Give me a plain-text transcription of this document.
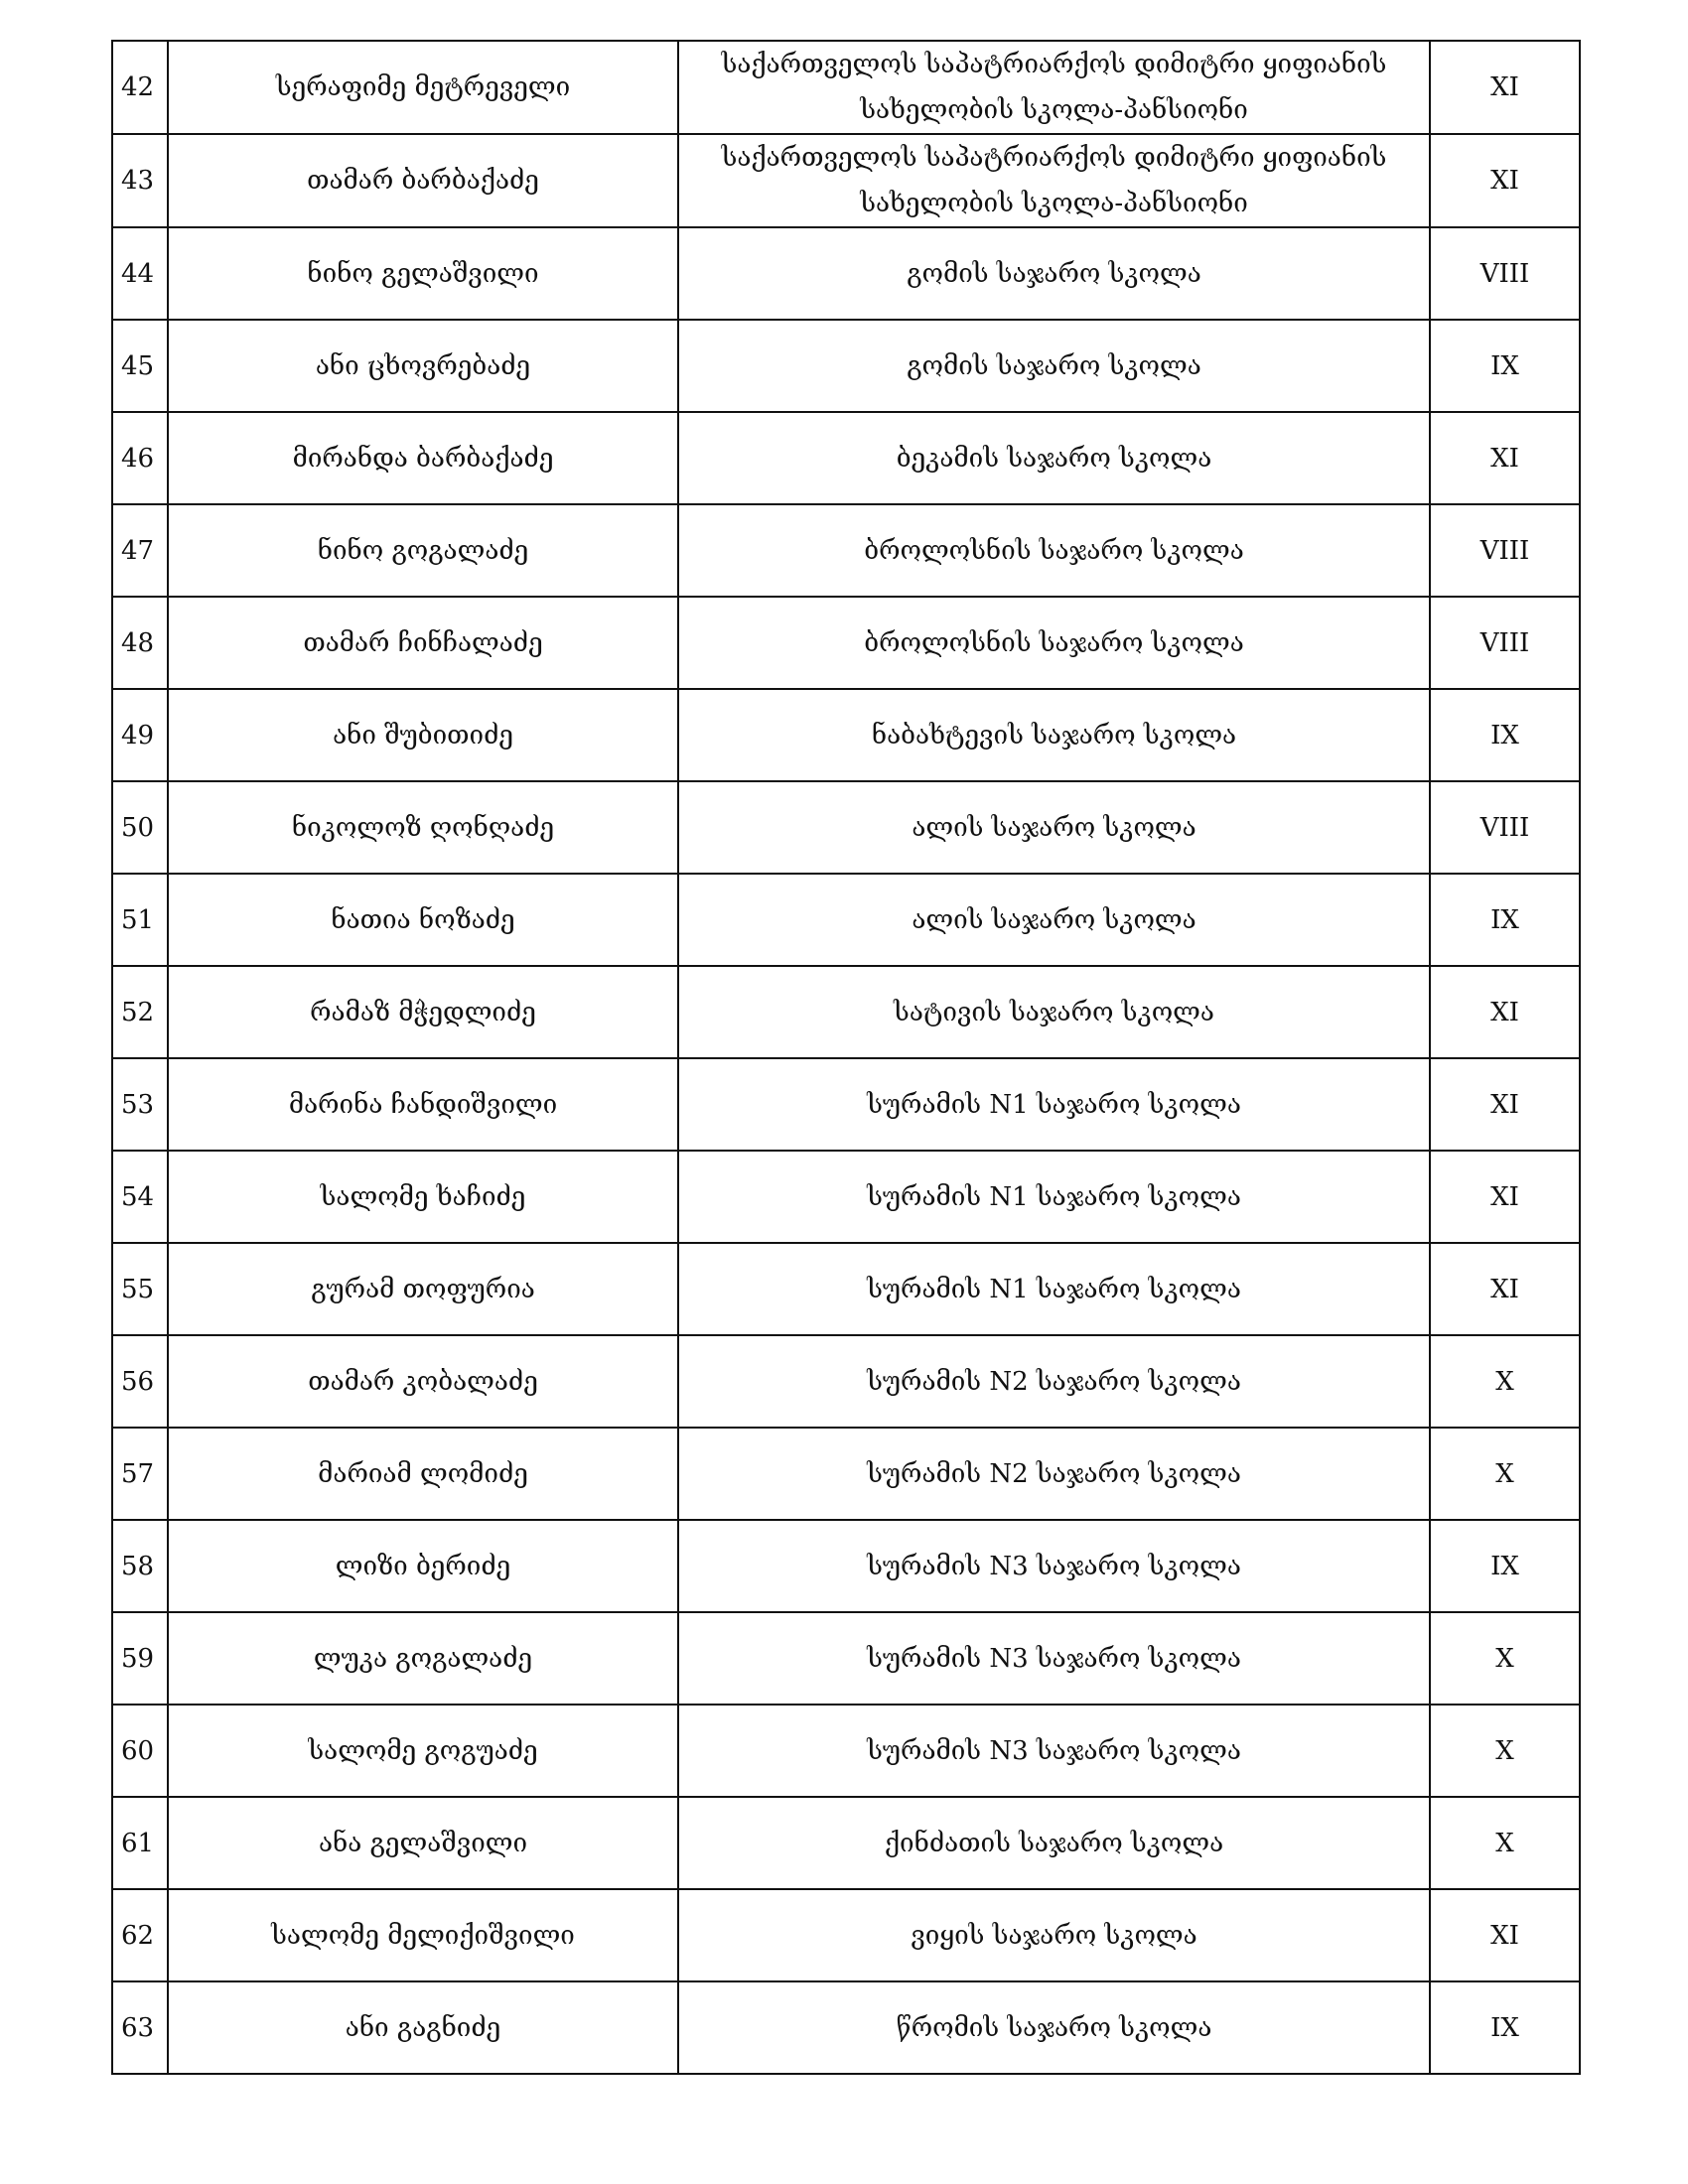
42	სერაფიმე მეტრეველი	საქართველოს საპატრიარქოს დიმიტრი ყიფიანის სახელობის სკოლა-პანსიონი	XI
43	თამარ ბარბაქაძე	საქართველოს საპატრიარქოს დიმიტრი ყიფიანის სახელობის სკოლა-პანსიონი	XI
44	ნინო გელაშვილი	გომის საჯარო სკოლა	VIII
45	ანი ცხოვრებაძე	გომის საჯარო სკოლა	IX
46	მირანდა ბარბაქაძე	ბეკამის საჯარო სკოლა	XI
47	ნინო გოგალაძე	ბროლოსნის საჯარო სკოლა	VIII
48	თამარ ჩინჩალაძე	ბროლოსნის საჯარო სკოლა	VIII
49	ანი შუბითიძე	ნაბახტევის საჯარო სკოლა	IX
50	ნიკოლოზ ღონღაძე	ალის საჯარო სკოლა	VIII
51	ნათია ნოზაძე	ალის საჯარო სკოლა	IX
52	რამაზ მჭედლიძე	სატივის საჯარო სკოლა	XI
53	მარინა ჩანდიშვილი	სურამის N1 საჯარო სკოლა	XI
54	სალომე ხაჩიძე	სურამის N1 საჯარო სკოლა	XI
55	გურამ თოფურია	სურამის N1 საჯარო სკოლა	XI
56	თამარ კობალაძე	სურამის N2 საჯარო სკოლა	X
57	მარიამ ლომიძე	სურამის N2 საჯარო სკოლა	X
58	ლიზი ბერიძე	სურამის N3 საჯარო სკოლა	IX
59	ლუკა გოგალაძე	სურამის N3 საჯარო სკოლა	X
60	სალომე გოგუაძე	სურამის N3 საჯარო სკოლა	X
61	ანა გელაშვილი	ქინძათის საჯარო სკოლა	X
62	სალომე მელიქიშვილი	ვიყის საჯარო სკოლა	XI
63	ანი გაგნიძე	წრომის საჯარო სკოლა	IX
